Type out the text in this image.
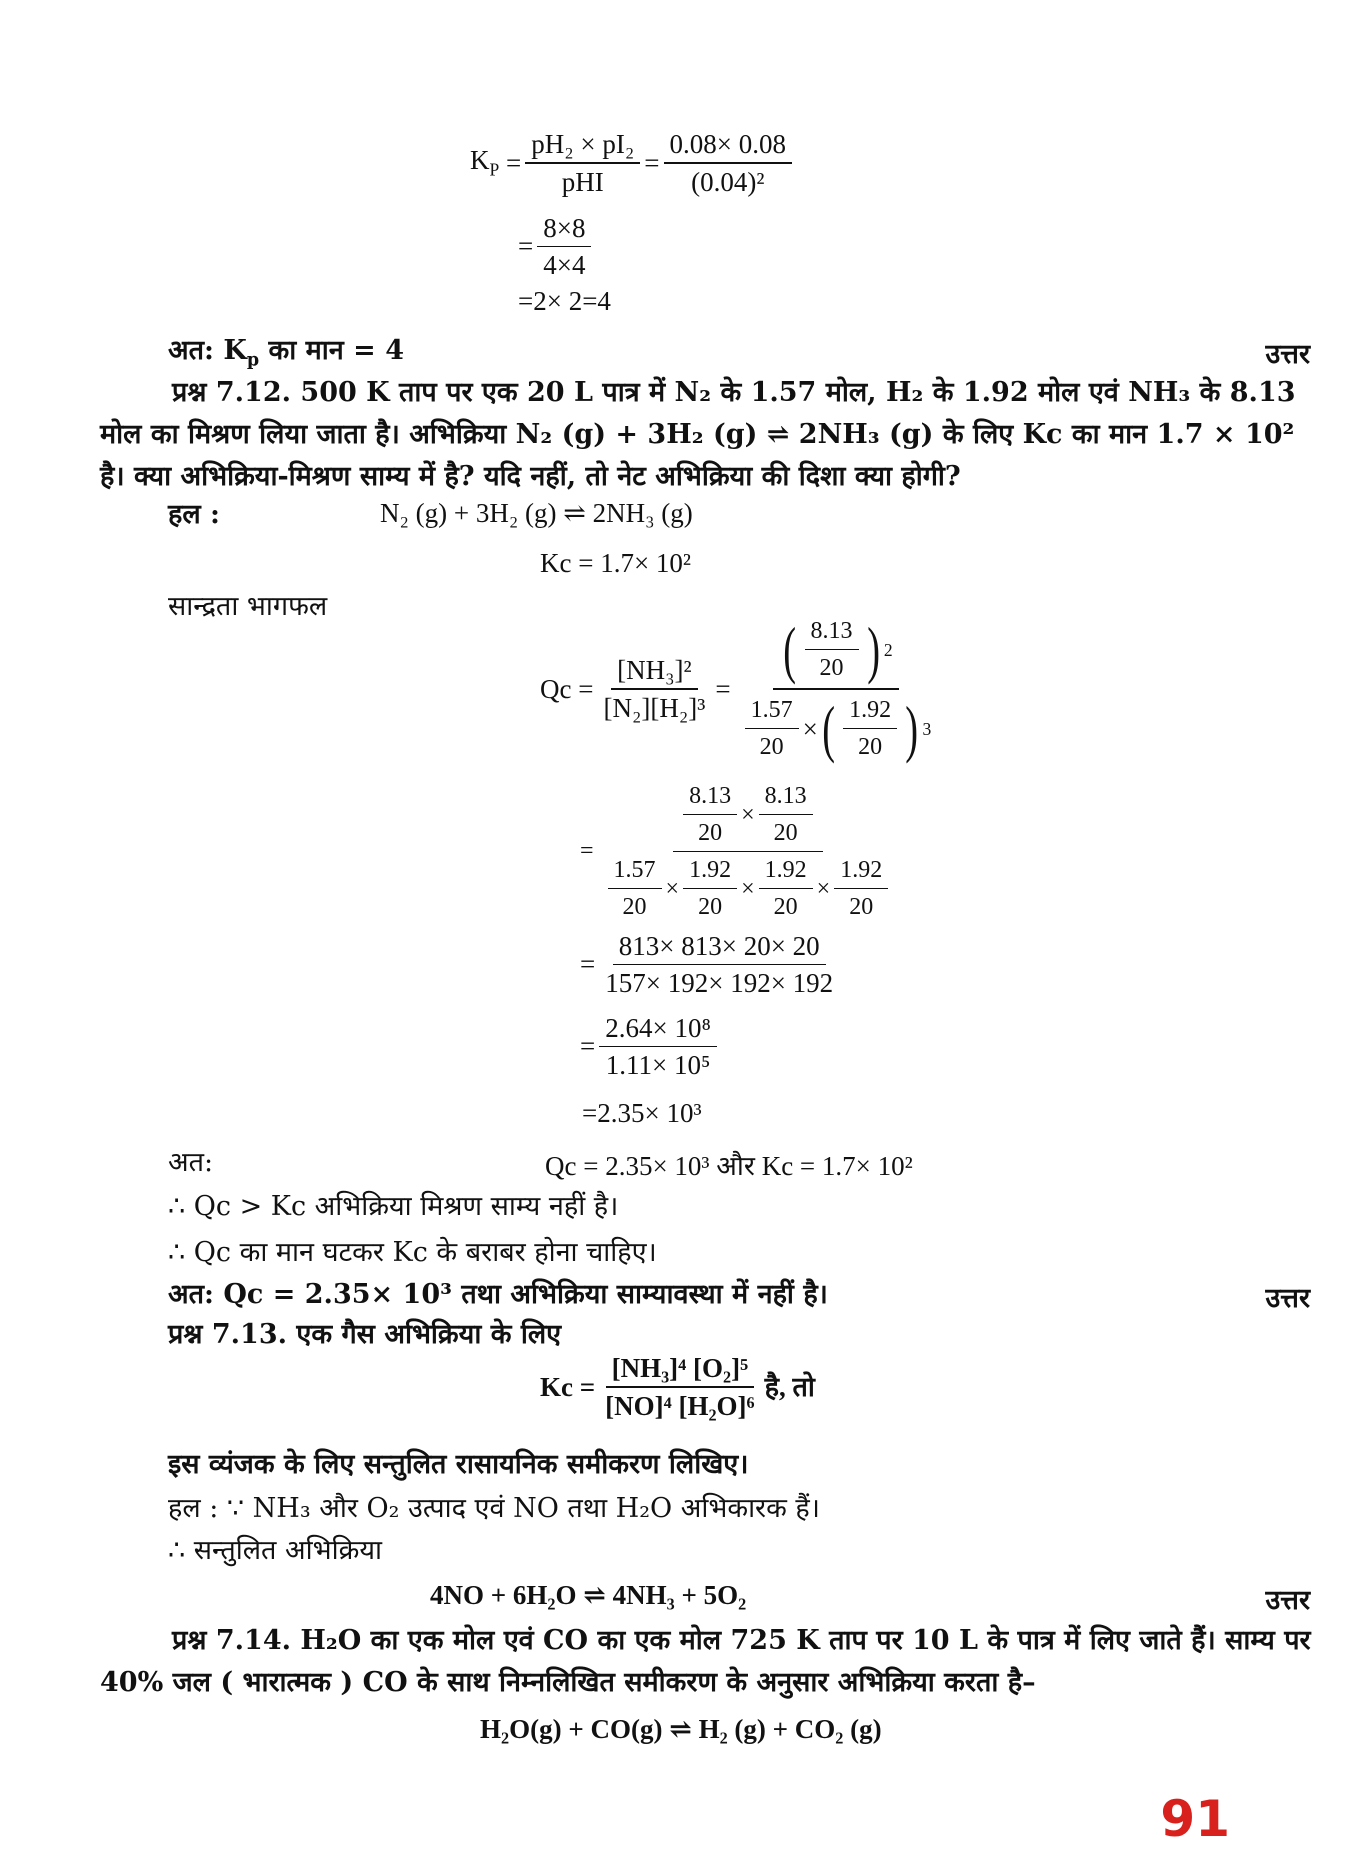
$K_P = \frac{\text{pH₂ × pI₂}}{\text{pHI}} = \frac{0.08\times 0.08}{\text{(0.04)²}}$
= $\frac{8\times 8}{4\times 4}$
=2× 2=4
अत: $K_p$ का मान = 4	उत्तर
प्रश्न 7.12. 500 K ताप पर एक 20 L पात्र में N₂ के 1.57 मोल, H₂ के 1.92 मोल एवं NH₃ के 8.13 मोल का मिश्रण लिया जाता है। अभिक्रिया N₂ (g) + 3H₂ (g) ⇌ 2NH₃ (g) के लिए Kc का मान 1.7 × 10² है। क्या अभिक्रिया-मिश्रण साम्य में है? यदि नहीं, तो नेट अभिक्रिया की दिशा क्या होगी?
हल :	N₂ (g) + 3H₂ (g) ⇌ 2NH₃ (g)
Kc = 1.7× 10²
सान्द्रता भागफल
$Qc = \frac{\text{[NH₃]²}}{\text{[N₂][H₂]³}} = \frac{( \frac{8.13}{20} ) 2}{\frac{1.57}{20} \times ( \frac{1.92}{20} ) 3}$
= $\frac{\frac{8.13}{20} \times \frac{8.13}{20}}{\frac{1.57}{20} \times \frac{1.92}{20} \times \frac{1.92}{20} \times \frac{1.92}{20}}$
= $\frac{813\times 813\times 20\times 20}{157\times 192\times 192\times 192}$
= $\frac{\text{2.64× 10⁸}}{\text{1.11× 10⁵}}$
=2.35× 10³
अत:	Qc = 2.35× 10³ और Kc = 1.7× 10²
∴ Qc > Kc अभिक्रिया मिश्रण साम्य नहीं है।
∴ Qc का मान घटकर Kc के बराबर होना चाहिए।
अत: Qc = 2.35× 10³ तथा अभिक्रिया साम्यावस्था में नहीं है।	उत्तर
प्रश्न 7.13. एक गैस अभिक्रिया के लिए
$Kc = \frac{\text{[NH₃]⁴ [O₂]⁵}}{\text{[NO]⁴ [H₂O]⁶}}$ है, तो
इस व्यंजक के लिए सन्तुलित रासायनिक समीकरण लिखिए।
हल : ∵ NH₃ और O₂ उत्पाद एवं NO तथा H₂O अभिकारक हैं।
∴ सन्तुलित अभिक्रिया
4NO + 6H₂O ⇌ 4NH₃ + 5O₂	उत्तर
प्रश्न 7.14. H₂O का एक मोल एवं CO का एक मोल 725 K ताप पर 10 L के पात्र में लिए जाते हैं। साम्य पर 40% जल ( भारात्मक ) CO के साथ निम्नलिखित समीकरण के अनुसार अभिक्रिया करता है–
H₂O(g) + CO(g) ⇌ H₂ (g) + CO₂ (g)
91
